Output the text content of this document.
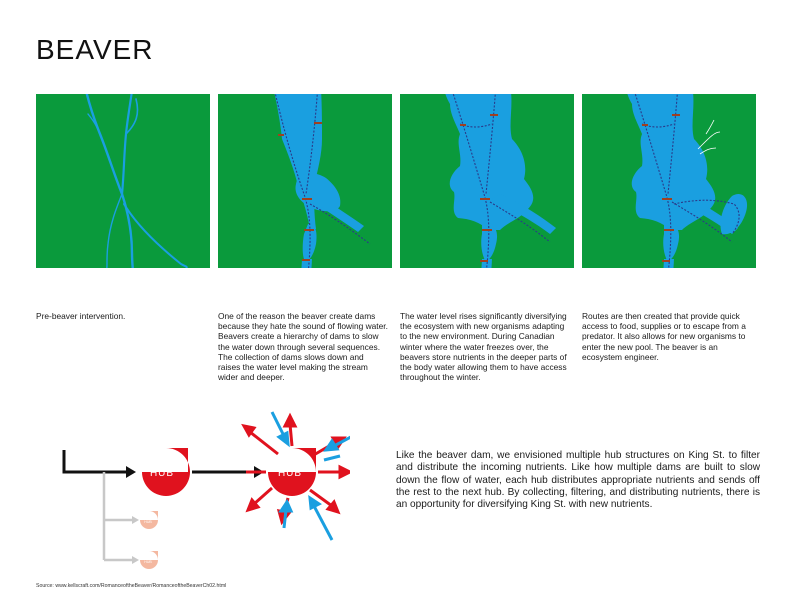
BEAVER

Pre-beaver intervention.	One of the reason the beaver create dams because they hate the sound of flowing water. Beavers create a hierarchy of dams to slow the water down through several sequences. The collection of dams slows down and raises the water level making the stream wider and deeper.

The water level rises significantly diversifying the ecosystem with new organisms adapting to the new environment. During Canadian winter where the water freezes over, the beavers store nutrients in the deeper parts of the body water allowing them to have access throughout the winter.

Routes are then created that provide quick access to food, supplies or to escape from a predator. It also allows for new organisms to enter the new pool. The beaver is an ecosystem engineer.

HUB
HUB
HUB
HUB

Like the beaver dam, we envisioned multiple hub structures on King St. to filter and distribute the incoming nutrients. Like how multiple dams are built to slow down the flow of water, each hub distributes appropriate nutrients and sends off the rest to the next hub. By collecting, filtering, and distributing nutrients, there is an opportunity for diversifying King St. with new nutrients.

Source: www.kellscraft.com/RomanceoftheBeaver/RomanceoftheBeaverCh02.html
